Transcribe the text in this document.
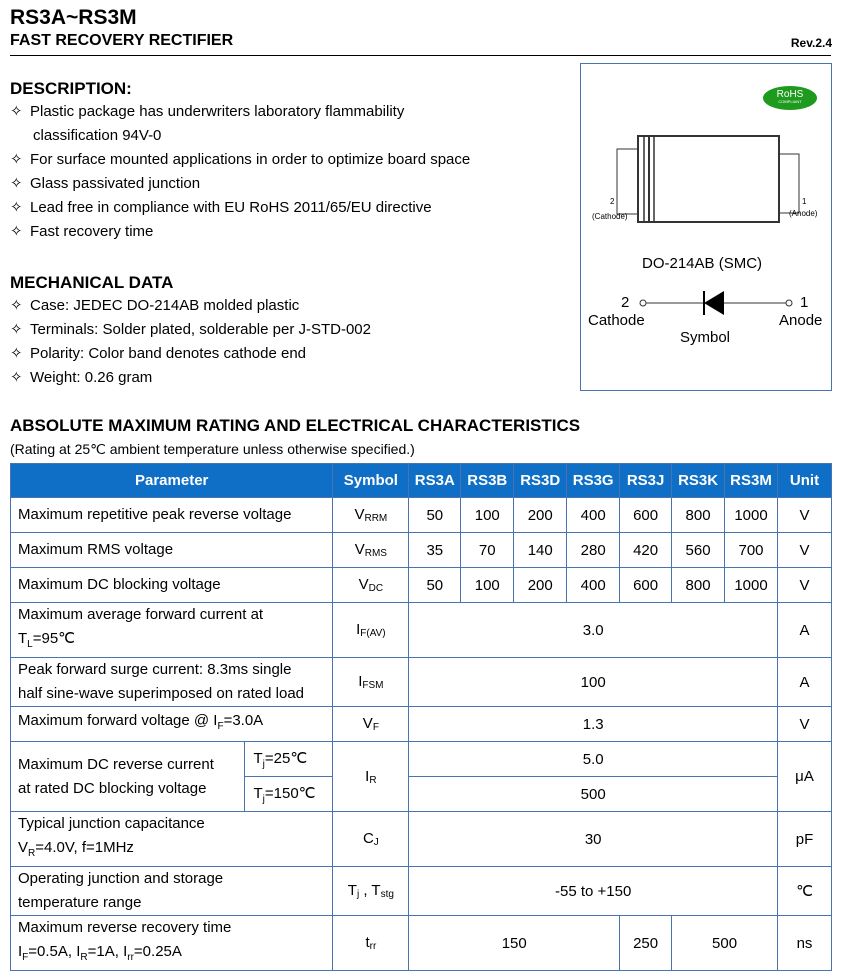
RS3A~RS3M
FAST RECOVERY RECTIFIER	Rev.2.4
DESCRIPTION:
✧ Plastic package has underwriters laboratory flammability
classification 94V-0
✧ For surface mounted applications in order to optimize board space
✧ Glass passivated junction
✧ Lead free in compliance with EU RoHS 2011/65/EU directive
✧ Fast recovery time
MECHANICAL DATA
✧ Case: JEDEC DO-214AB molded plastic
✧ Terminals: Solder plated, solderable per J-STD-002
✧ Polarity: Color band denotes cathode end
✧ Weight: 0.26 gram
RoHS
COMPLIANT
2
(Cathode)
1
(Anode)
DO-214AB (SMC)
2
Cathode
1
Anode
Symbol
ABSOLUTE MAXIMUM RATING AND ELECTRICAL CHARACTERISTICS
(Rating at 25℃ ambient temperature unless otherwise specified.)
Parameter		Symbol	RS3A	RS3B	RS3D	RS3G	RS3J	RS3K	RS3M	Unit
Maximum repetitive peak reverse voltage		$V_{RRM}$	50	100	200	400	600	800	1000	V
Maximum RMS voltage		$V_{RMS}$	35	70	140	280	420	560	700	V
Maximum DC blocking voltage		$V_{DC}$	50	100	200	400	600	800	1000	V
Maximum average forward current at
$T_L=95℃$		$I_{F(AV)}$	3.0							A
Peak forward surge current: 8.3ms single
half sine-wave superimposed on rated load		$I_{FSM}$	100							A
Maximum forward voltage @ $I_F=3.0A$		$V_F$	1.3							V
Maximum DC reverse current
at rated DC blocking voltage	$T_j=25℃$	$I_R$	5.0							μA
	$T_j=150℃$		500							
Typical junction capacitance
$V_R=4.0V$, f=1MHz		$C_J$	30							pF
Operating junction and storage
temperature range		$T_j$ , $T_{stg}$	-55 to +150							℃
Maximum reverse recovery time
$I_F=0.5A$, $I_R=1A$, $I_{rr}=0.25A$		$t_{rr}$	150				250	500		ns
